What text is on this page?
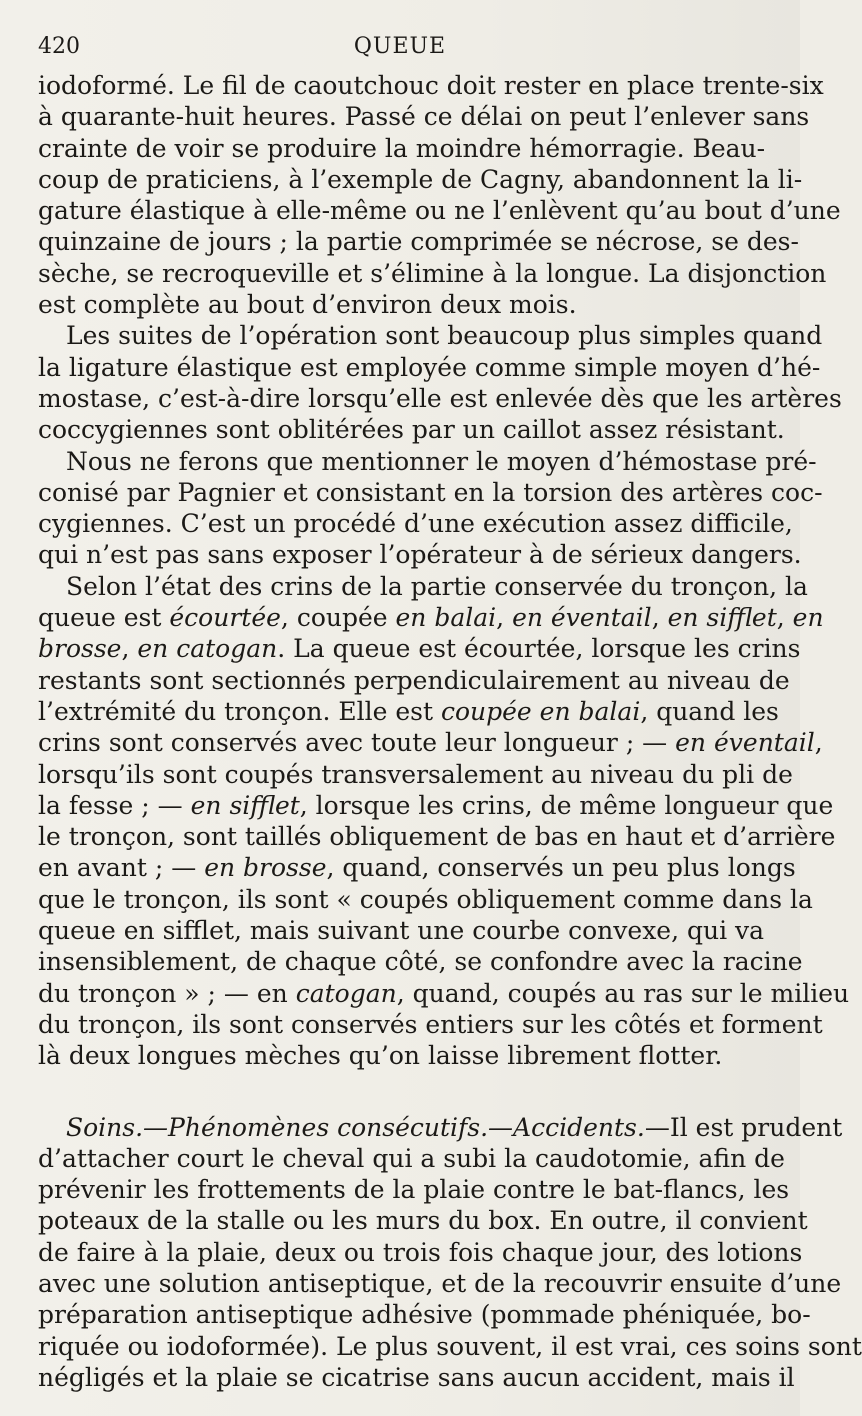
420	QUEUE
iodoformé. Le fil de caoutchouc doit rester en place trente-six
à quarante-huit heures. Passé ce délai on peut l’enlever sans
crainte de voir se produire la moindre hémorragie. Beau-
coup de praticiens, à l’exemple de Cagny, abandonnent la li-
gature élastique à elle-même ou ne l’enlèvent qu’au bout d’une
quinzaine de jours ; la partie comprimée se nécrose, se des-
sèche, se recroqueville et s’élimine à la longue. La disjonction
est complète au bout d’environ deux mois.
Les suites de l’opération sont beaucoup plus simples quand
la ligature élastique est employée comme simple moyen d’hé-
mostase, c’est-à-dire lorsqu’elle est enlevée dès que les artères
coccygiennes sont oblitérées par un caillot assez résistant.
Nous ne ferons que mentionner le moyen d’hémostase pré-
conisé par Pagnier et consistant en la torsion des artères coc-
cygiennes. C’est un procédé d’une exécution assez difficile,
qui n’est pas sans exposer l’opérateur à de sérieux dangers.
Selon l’état des crins de la partie conservée du tronçon, la
queue est écourtée, coupée en balai, en éventail, en sifflet, en
brosse, en catogan. La queue est écourtée, lorsque les crins
restants sont sectionnés perpendiculairement au niveau de
l’extrémité du tronçon. Elle est coupée en balai, quand les
crins sont conservés avec toute leur longueur ; — en éventail,
lorsqu’ils sont coupés transversalement au niveau du pli de
la fesse ; — en sifflet, lorsque les crins, de même longueur que
le tronçon, sont taillés obliquement de bas en haut et d’arrière
en avant ; — en brosse, quand, conservés un peu plus longs
que le tronçon, ils sont « coupés obliquement comme dans la
queue en sifflet, mais suivant une courbe convexe, qui va
insensiblement, de chaque côté, se confondre avec la racine
du tronçon » ; — en catogan, quand, coupés au ras sur le milieu
du tronçon, ils sont conservés entiers sur les côtés et forment
là deux longues mèches qu’on laisse librement flotter.
Soins.—Phénomènes consécutifs.—Accidents.—Il est prudent
d’attacher court le cheval qui a subi la caudotomie, afin de
prévenir les frottements de la plaie contre le bat-flancs, les
poteaux de la stalle ou les murs du box. En outre, il convient
de faire à la plaie, deux ou trois fois chaque jour, des lotions
avec une solution antiseptique, et de la recouvrir ensuite d’une
préparation antiseptique adhésive (pommade phéniquée, bo-
riquée ou iodoformée). Le plus souvent, il est vrai, ces soins sont
négligés et la plaie se cicatrise sans aucun accident, mais il
